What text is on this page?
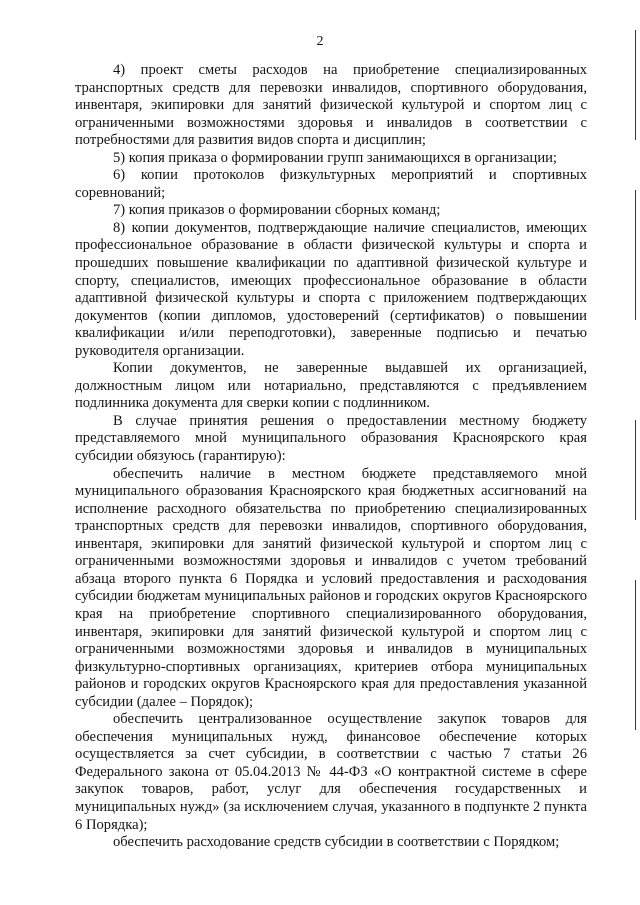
2

4) проект сметы расходов на приобретение специализированных транспортных средств для перевозки инвалидов, спортивного оборудования, инвентаря, экипировки для занятий физической культурой и спортом лиц с ограниченными возможностями здоровья и инвалидов в соответствии с потребностями для развития видов спорта и дисциплин;

5) копия приказа о формировании групп занимающихся в организации;

6) копии протоколов физкультурных мероприятий и спортивных соревнований;

7) копия приказов о формировании сборных команд;

8) копии документов, подтверждающие наличие специалистов, имеющих профессиональное образование в области физической культуры и спорта и прошедших повышение квалификации по адаптивной физической культуре и спорту, специалистов, имеющих профессиональное образование в области адаптивной физической культуры и спорта с приложением подтверждающих документов (копии дипломов, удостоверений (сертификатов) о повышении квалификации и/или переподготовки), заверенные подписью и печатью руководителя организации.

Копии документов, не заверенные выдавшей их организацией, должностным лицом или нотариально, представляются с предъявлением подлинника документа для сверки копии с подлинником.

В случае принятия решения о предоставлении местному бюджету представляемого мной муниципального образования Красноярского края субсидии обязуюсь (гарантирую):

обеспечить наличие в местном бюджете представляемого мной муниципального образования Красноярского края бюджетных ассигнований на исполнение расходного обязательства по приобретению специализированных транспортных средств для перевозки инвалидов, спортивного оборудования, инвентаря, экипировки для занятий физической культурой и спортом лиц с ограниченными возможностями здоровья и инвалидов с учетом требований абзаца второго пункта 6 Порядка и условий предоставления и расходования субсидии бюджетам муниципальных районов и городских округов Красноярского края на приобретение спортивного специализированного оборудования, инвентаря, экипировки для занятий физической культурой и спортом лиц с ограниченными возможностями здоровья и инвалидов в муниципальных физкультурно-спортивных организациях, критериев отбора муниципальных районов и городских округов Красноярского края для предоставления указанной субсидии (далее – Порядок);

обеспечить централизованное осуществление закупок товаров для обеспечения муниципальных нужд, финансовое обеспечение которых осуществляется за счет субсидии, в соответствии с частью 7 статьи 26 Федерального закона от 05.04.2013 № 44-ФЗ «О контрактной системе в сфере закупок товаров, работ, услуг для обеспечения государственных и муниципальных нужд» (за исключением случая, указанного в подпункте 2 пункта 6 Порядка);

обеспечить расходование средств субсидии в соответствии с Порядком;
